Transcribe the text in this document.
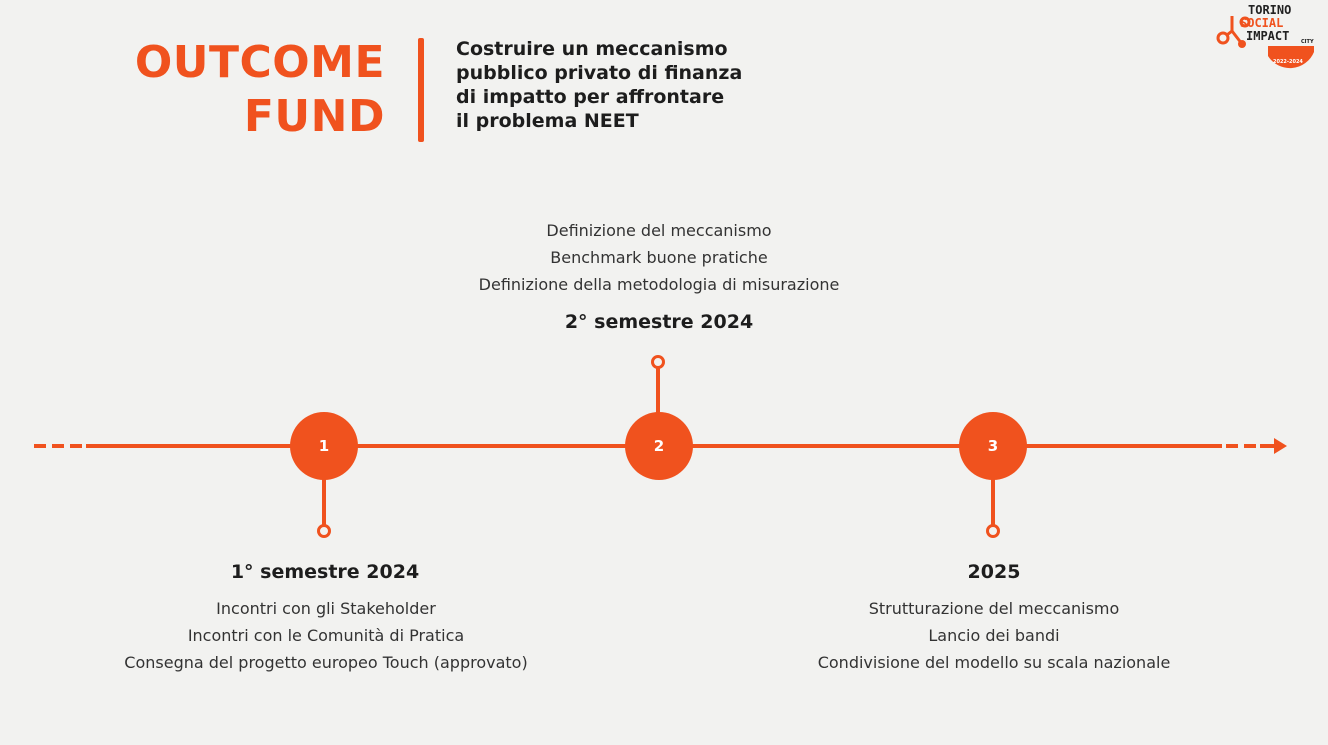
OUTCOME
FUND
Costruire un meccanismo
pubblico privato di finanza
di impatto per affrontare
il problema NEET
TORINO
SOCIAL
IMPACT CITY
2022-2024
1
1° semestre 2024
Incontri con gli Stakeholder
Incontri con le Comunità di Pratica
Consegna del progetto europeo Touch (approvato)
Definizione del meccanismo
Benchmark buone pratiche
Definizione della metodologia di misurazione
2° semestre 2024
2	3
2025
Strutturazione del meccanismo
Lancio dei bandi
Condivisione del modello su scala nazionale
